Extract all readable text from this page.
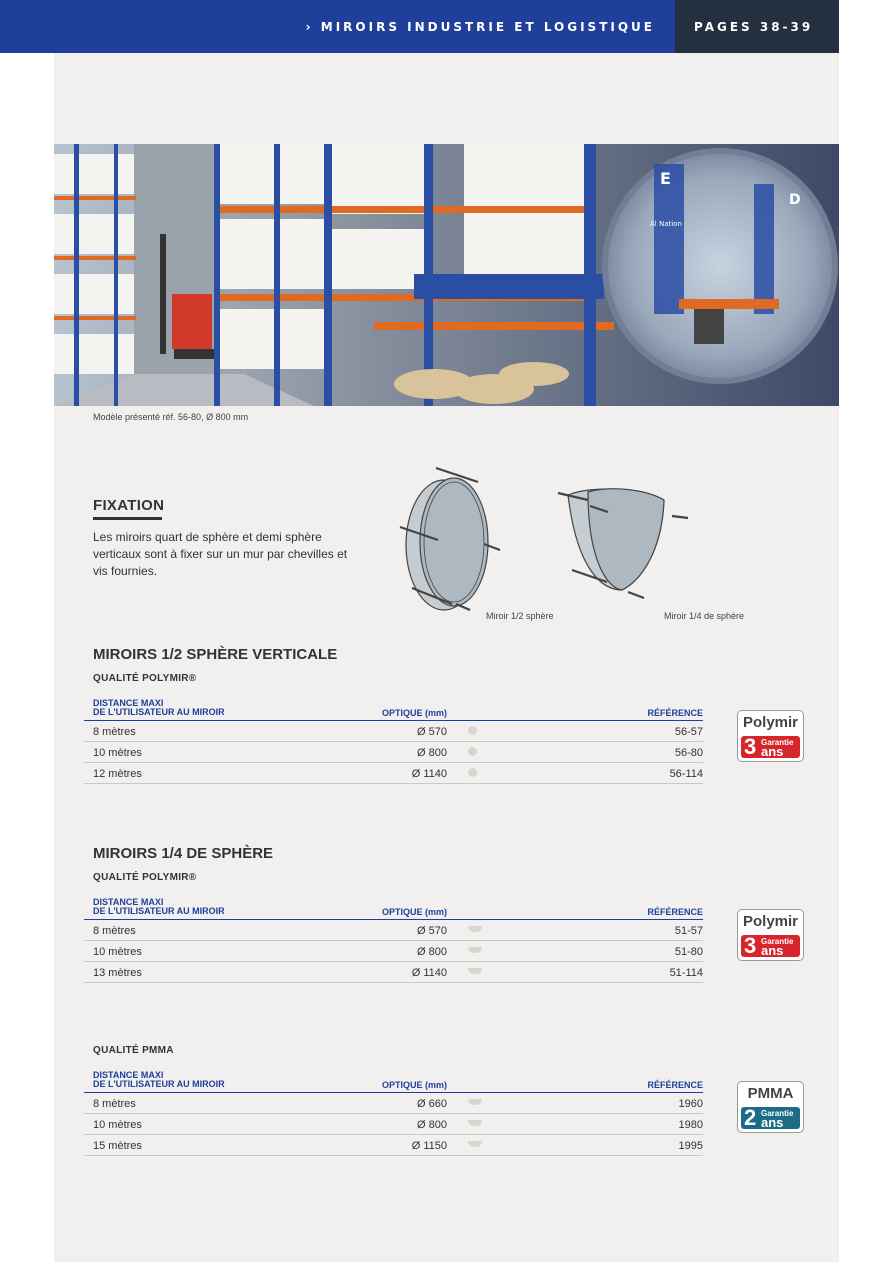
› MIROIRS INDUSTRIE ET LOGISTIQUE	PAGES 38-39
E
D
Al Nation
Modèle présenté réf. 56-80, Ø 800 mm
FIXATION
Les miroirs quart de sphère et demi sphère verticaux sont à fixer sur un mur par chevilles et vis fournies.
Miroir 1/2 sphère	Miroir 1/4 de sphère
MIROIRS 1/2 SPHÈRE VERTICALE
QUALITÉ POLYMIR®
DISTANCE MAXI
DE L'UTILISATEUR AU MIROIR	OPTIQUE (mm)	RÉFÉRENCE
8 mètres	Ø 570	56-57
10 mètres	Ø 800	56-80
12 mètres	Ø 1140	56-114
Polymir
3 Garantie
ans
MIROIRS 1/4 DE SPHÈRE
QUALITÉ POLYMIR®
DISTANCE MAXI
DE L'UTILISATEUR AU MIROIR	OPTIQUE (mm)	RÉFÉRENCE
8 mètres	Ø 570	51-57
10 mètres	Ø 800	51-80
13 mètres	Ø 1140	51-114
Polymir
3 Garantie
ans
QUALITÉ PMMA
DISTANCE MAXI
DE L'UTILISATEUR AU MIROIR	OPTIQUE (mm)	RÉFÉRENCE
8 mètres	Ø 660	1960
10 mètres	Ø 800	1980
15 mètres	Ø 1150	1995
PMMA
2 Garantie
ans
